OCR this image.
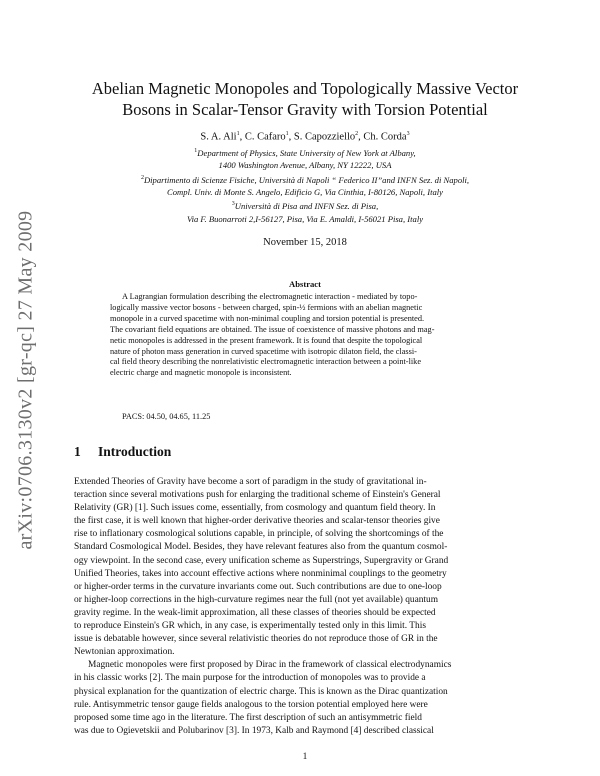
arXiv:0706.3130v2 [gr-qc] 27 May 2009
Abelian Magnetic Monopoles and Topologically Massive Vector
Bosons in Scalar-Tensor Gravity with Torsion Potential
S. A. Ali$^1$, C. Cafaro$^1$, S. Capozziello$^2$, Ch. Corda$^3$
$^1$Department of Physics, State University of New York at Albany,
1400 Washington Avenue, Albany, NY 12222, USA
$^2$Dipartimento di Scienze Fisiche, Università di Napoli “ Federico II”and INFN Sez. di Napoli,
Compl. Univ. di Monte S. Angelo, Edificio G, Via Cinthia, I-80126, Napoli, Italy
$^3$Università di Pisa and INFN Sez. di Pisa,
Via F. Buonarroti 2,I-56127, Pisa, Via E. Amaldi, I-56021 Pisa, Italy
November 15, 2018
Abstract
A Lagrangian formulation describing the electromagnetic interaction - mediated by topo-
logically massive vector bosons - between charged, spin-½ fermions with an abelian magnetic
monopole in a curved spacetime with non-minimal coupling and torsion potential is presented.
The covariant field equations are obtained. The issue of coexistence of massive photons and mag-
netic monopoles is addressed in the present framework. It is found that despite the topological
nature of photon mass generation in curved spacetime with isotropic dilaton field, the classi-
cal field theory describing the nonrelativistic electromagnetic interaction between a point-like
electric charge and magnetic monopole is inconsistent.
PACS: 04.50, 04.65, 11.25
1 Introduction
Extended Theories of Gravity have become a sort of paradigm in the study of gravitational in-
teraction since several motivations push for enlarging the traditional scheme of Einstein's General
Relativity (GR) [1]. Such issues come, essentially, from cosmology and quantum field theory. In
the first case, it is well known that higher-order derivative theories and scalar-tensor theories give
rise to inflationary cosmological solutions capable, in principle, of solving the shortcomings of the
Standard Cosmological Model. Besides, they have relevant features also from the quantum cosmol-
ogy viewpoint. In the second case, every unification scheme as Superstrings, Supergravity or Grand
Unified Theories, takes into account effective actions where nonminimal couplings to the geometry
or higher-order terms in the curvature invariants come out. Such contributions are due to one-loop
or higher-loop corrections in the high-curvature regimes near the full (not yet available) quantum
gravity regime. In the weak-limit approximation, all these classes of theories should be expected
to reproduce Einstein's GR which, in any case, is experimentally tested only in this limit. This
issue is debatable however, since several relativistic theories do not reproduce those of GR in the
Newtonian approximation.
Magnetic monopoles were first proposed by Dirac in the framework of classical electrodynamics
in his classic works [2]. The main purpose for the introduction of monopoles was to provide a
physical explanation for the quantization of electric charge. This is known as the Dirac quantization
rule. Antisymmetric tensor gauge fields analogous to the torsion potential employed here were
proposed some time ago in the literature. The first description of such an antisymmetric field
was due to Ogievetskii and Polubarinov [3]. In 1973, Kalb and Raymond [4] described classical
1
